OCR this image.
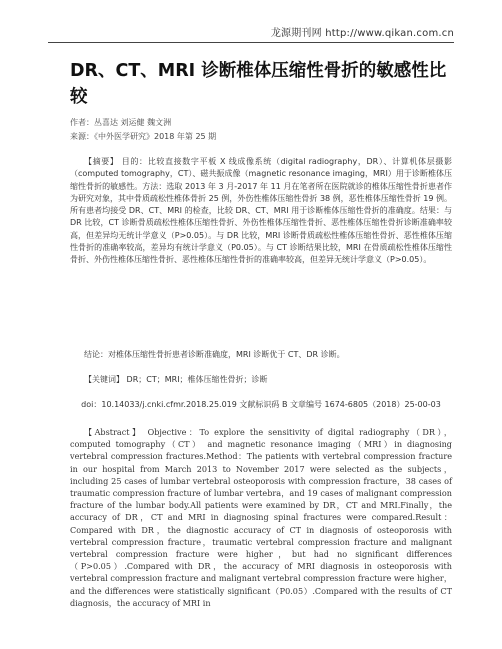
龙源期刊网 http://www.qikan.com.cn
DR、CT、MRI 诊断椎体压缩性骨折的敏感性比较
作者：丛喜达 刘运健 魏文洲
来源：《中外医学研究》2018 年第 25 期
【摘要】 目的：比较直接数字平板 X 线成像系统（digital radiography，DR）、计算机体层摄影（computed tomography，CT）、磁共振成像（magnetic resonance imaging，MRI）用于诊断椎体压缩性骨折的敏感性。方法：选取 2013 年 3 月-2017 年 11 月在笔者所在医院就诊的椎体压缩性骨折患者作为研究对象，其中骨质疏松性椎体骨折 25 例，外伤性椎体压缩性骨折 38 例，恶性椎体压缩性骨折 19 例。所有患者均接受 DR、CT、MRI 的检查，比较 DR、CT、MRI 用于诊断椎体压缩性骨折的准确度。结果：与 DR 比较，CT 诊断骨质疏松性椎体压缩性骨折、外伤性椎体压缩性骨折、恶性椎体压缩性骨折诊断准确率较高，但差异均无统计学意义（P>0.05）。与 DR 比较，MRI 诊断骨质疏松性椎体压缩性骨折、恶性椎体压缩性骨折的准确率较高，差异均有统计学意义（P0.05）。与 CT 诊断结果比较，MRI 在骨质疏松性椎体压缩性骨折、外伤性椎体压缩性骨折、恶性椎体压缩性骨折的准确率较高，但差异无统计学意义（P>0.05）。
结论：对椎体压缩性骨折患者诊断准确度，MRI 诊断优于 CT、DR 诊断。
【关键词】 DR；CT；MRI；椎体压缩性骨折；诊断
doi：10.14033/j.cnki.cfmr.2018.25.019 文献标识码 B 文章编号 1674-6805（2018）25-00-03
【Abstract】 Objective：To explore the sensitivity of digital radiography（DR），computed tomography（CT） and magnetic resonance imaging（MRI）in diagnosing vertebral compression fractures.Method：The patients with vertebral compression fracture in our hospital from March 2013 to November 2017 were selected as the subjects，including 25 cases of lumbar vertebral osteoporosis with compression fracture，38 cases of traumatic compression fracture of lumbar vertebra，and 19 cases of malignant compression fracture of the lumbar body.All patients were examined by DR，CT and MRI.Finally，the accuracy of DR，CT and MRI in diagnosing spinal fractures were compared.Result：Compared with DR，the diagnostic accuracy of CT in diagnosis of osteoporosis with vertebral compression fracture，traumatic vertebral compression fracture and malignant vertebral compression fracture were higher，but had no significant differences（P>0.05）.Compared with DR，the accuracy of MRI diagnosis in osteoporosis with vertebral compression fracture and malignant vertebral compression fracture were higher，and the differences were statistically significant（P0.05）.Compared with the results of CT diagnosis，the accuracy of MRI in
